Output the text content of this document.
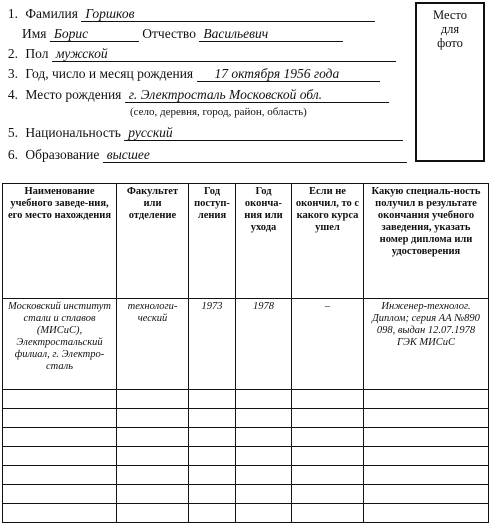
1. Фамилия Горшков
Имя Борис	Отчество Васильевич
2. Пол мужской
3. Год, число и месяц рождения 17 октября 1956 года
4. Место рождения г. Электросталь Московской обл.
(село, деревня, город, район, область)
5. Национальность русский
6. Образование высшее
Место
для
фото
Наименование учебного заведе-ния, его место нахождения	Факультет или отделение	Год поступ-ления	Год оконча-ния или ухода	Если не окончил, то с какого курса ушел	Какую специаль-ность получил в результате окончания учебного заведения, указать номер диплома или удостоверения
Московский институт стали и сплавов (МИСиС), Электростальский филиал, г. Электро-сталь	технологи-ческий	1973	1978	–	Инженер-технолог. Диплом; серия АА №890 098, выдан 12.07.1978 ГЭК МИСиС
